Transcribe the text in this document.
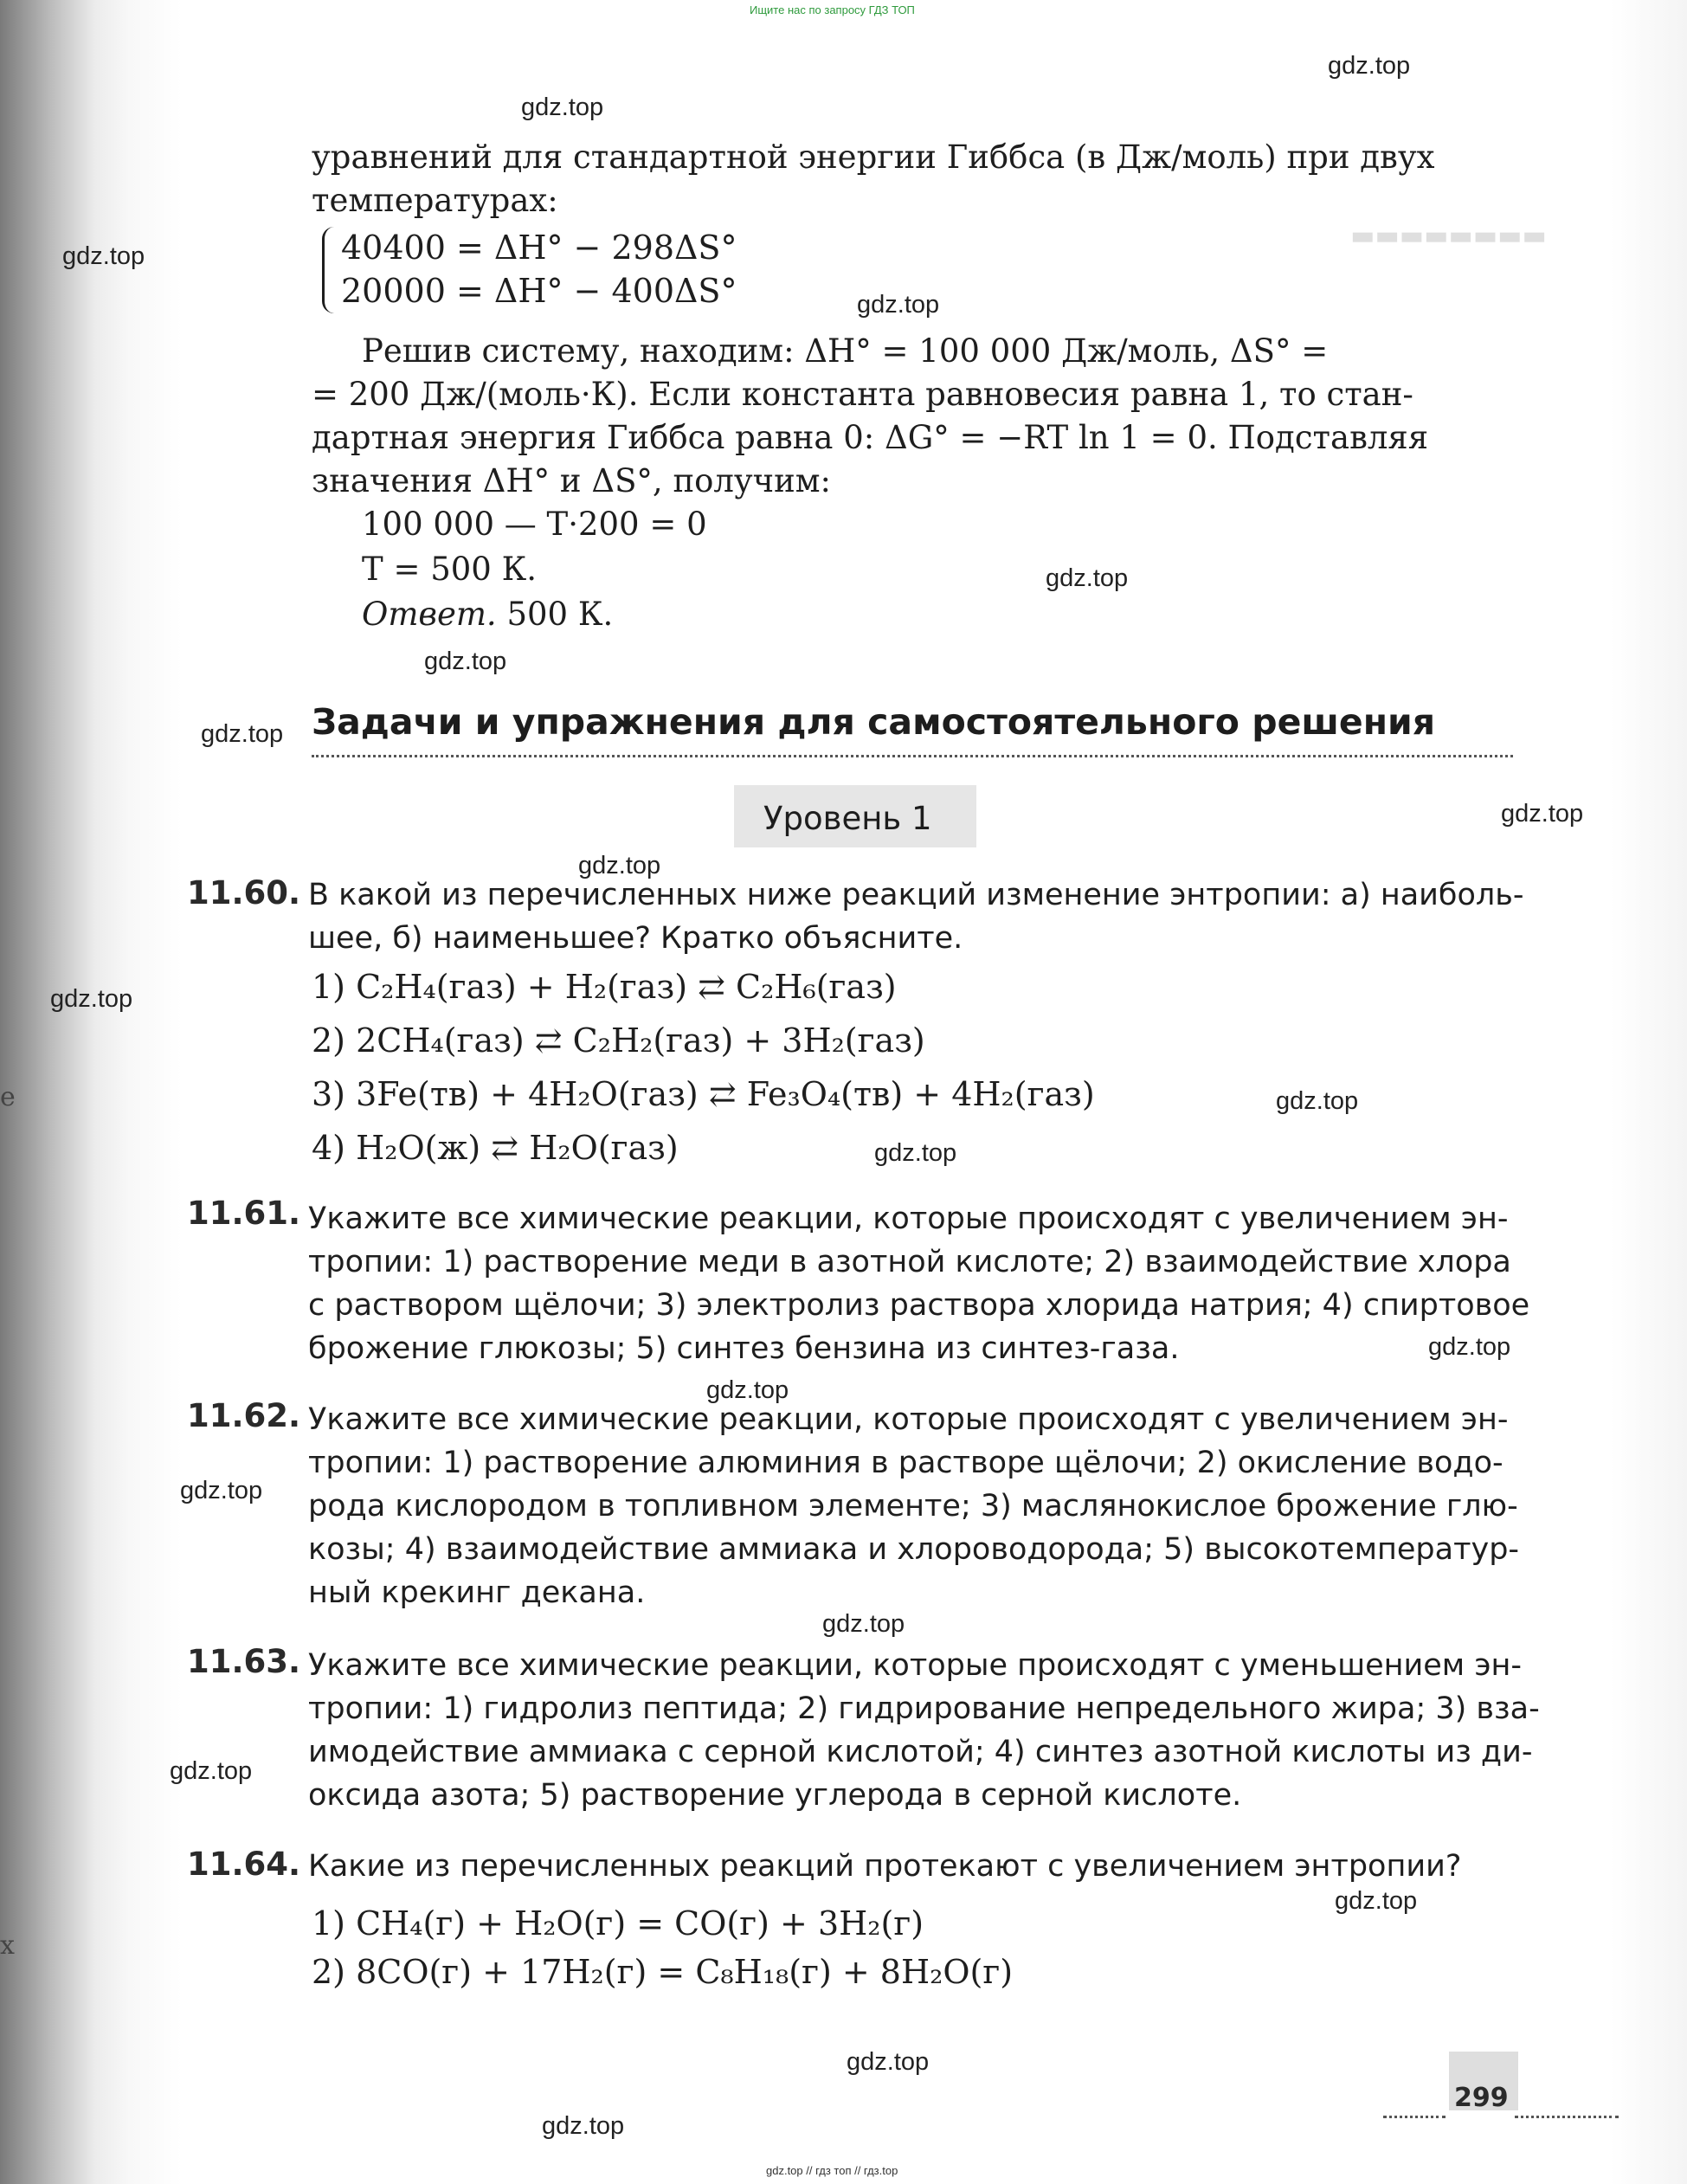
▬▬▬▬▬▬▬▬
Ищите нас по запросу ГДЗ ТОП
gdz.top // гдз топ // гдз.top
gdz.top
gdz.top
gdz.top
gdz.top
gdz.top
gdz.top
gdz.top
gdz.top
gdz.top
gdz.top
gdz.top
gdz.top
gdz.top
gdz.top
gdz.top
gdz.top
gdz.top
gdz.top
gdz.top
gdz.top
e
x
уравнений для стандартной энергии Гиббса (в Дж/моль) при двух
температурах:
40400 = ΔH° − 298ΔS°
20000 = ΔH° − 400ΔS°
Решив систему, находим: ΔH° = 100 000 Дж/моль, ΔS° =
= 200 Дж/(моль·К). Если константа равновесия равна 1, то стан-
дартная энергия Гиббса равна 0: ΔG° = −RT ln 1 = 0. Подставляя
значения ΔH° и ΔS°, получим:
100 000 — T·200 = 0
T = 500 К.
Ответ. 500 К.
Задачи и упражнения для самостоятельного решения
Уровень 1
11.60. В какой из перечисленных ниже реакций изменение энтропии: а) наиболь-
шее, б) наименьшее? Кратко объясните.
1) C₂H₄(газ) + H₂(газ) ⇄ C₂H₆(газ)
2) 2CH₄(газ) ⇄ C₂H₂(газ) + 3H₂(газ)
3) 3Fe(тв) + 4H₂O(газ) ⇄ Fe₃O₄(тв) + 4H₂(газ)
4) H₂O(ж) ⇄ H₂O(газ)
11.61. Укажите все химические реакции, которые происходят с увеличением эн-
тропии: 1) растворение меди в азотной кислоте; 2) взаимодействие хлора
с раствором щёлочи; 3) электролиз раствора хлорида натрия; 4) спиртовое
брожение глюкозы; 5) синтез бензина из синтез-газа.
11.62. Укажите все химические реакции, которые происходят с увеличением эн-
тропии: 1) растворение алюминия в растворе щёлочи; 2) окисление водо-
рода кислородом в топливном элементе; 3) маслянокислое брожение глю-
козы; 4) взаимодействие аммиака и хлороводорода; 5) высокотемператур-
ный крекинг декана.
11.63. Укажите все химические реакции, которые происходят с уменьшением эн-
тропии: 1) гидролиз пептида; 2) гидрирование непредельного жира; 3) вза-
имодействие аммиака с серной кислотой; 4) синтез азотной кислоты из ди-
оксида азота; 5) растворение углерода в серной кислоте.
11.64. Какие из перечисленных реакций протекают с увеличением энтропии?
1) CH₄(г) + H₂O(г) = CO(г) + 3H₂(г)
2) 8CO(г) + 17H₂(г) = C₈H₁₈(г) + 8H₂O(г)
299
